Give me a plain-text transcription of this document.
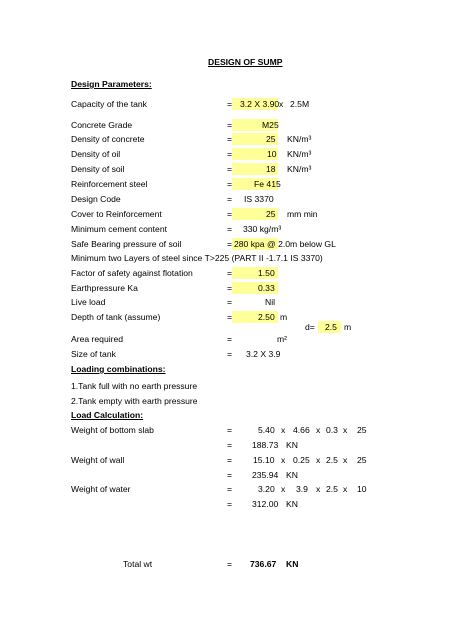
DESIGN OF SUMP
Design Parameters:
Capacity of the tank	= 3.2 X 3.90 x 2.5M
Concrete Grade	=	M25
Density of concrete	=	25 KN/m³
Density of oil	=	10 KN/m³
Density of soil	=	18 KN/m³
Reinforcement steel	=	Fe 415
Design Code	= IS 3370
Cover to Reinforcement	=	25 mm min
Minimum cement content	= 330 kg/m³
Safe Bearing pressure of soil	= 280 kpa @ 2.0m below GL
Minimum two Layers of steel since T>225 (PART II -1.7.1 IS 3370)
Factor of safety against flotation	=	1.50
Earthpressure Ka	=	0.33
Live load	=	Nil
Depth of tank (assume)	=	2.50 m
d= 2.5 m
Area required	=	m²
Size of tank	= 3.2 X 3.9
Loading combinations:
1.Tank full with no earth pressure
2.Tank empty with earth pressure
Load Calculation:
Weight of bottom slab	=	5.40 x 4.66 x 0.3 x 25
= 188.73 KN
Weight of wall	= 15.10 x 0.25 x 2.5 x 25
= 235.94 KN
Weight of water	=	3.20 x 3.9 x 2.5 x 10
= 312.00 KN
Total wt	= 736.67 KN
